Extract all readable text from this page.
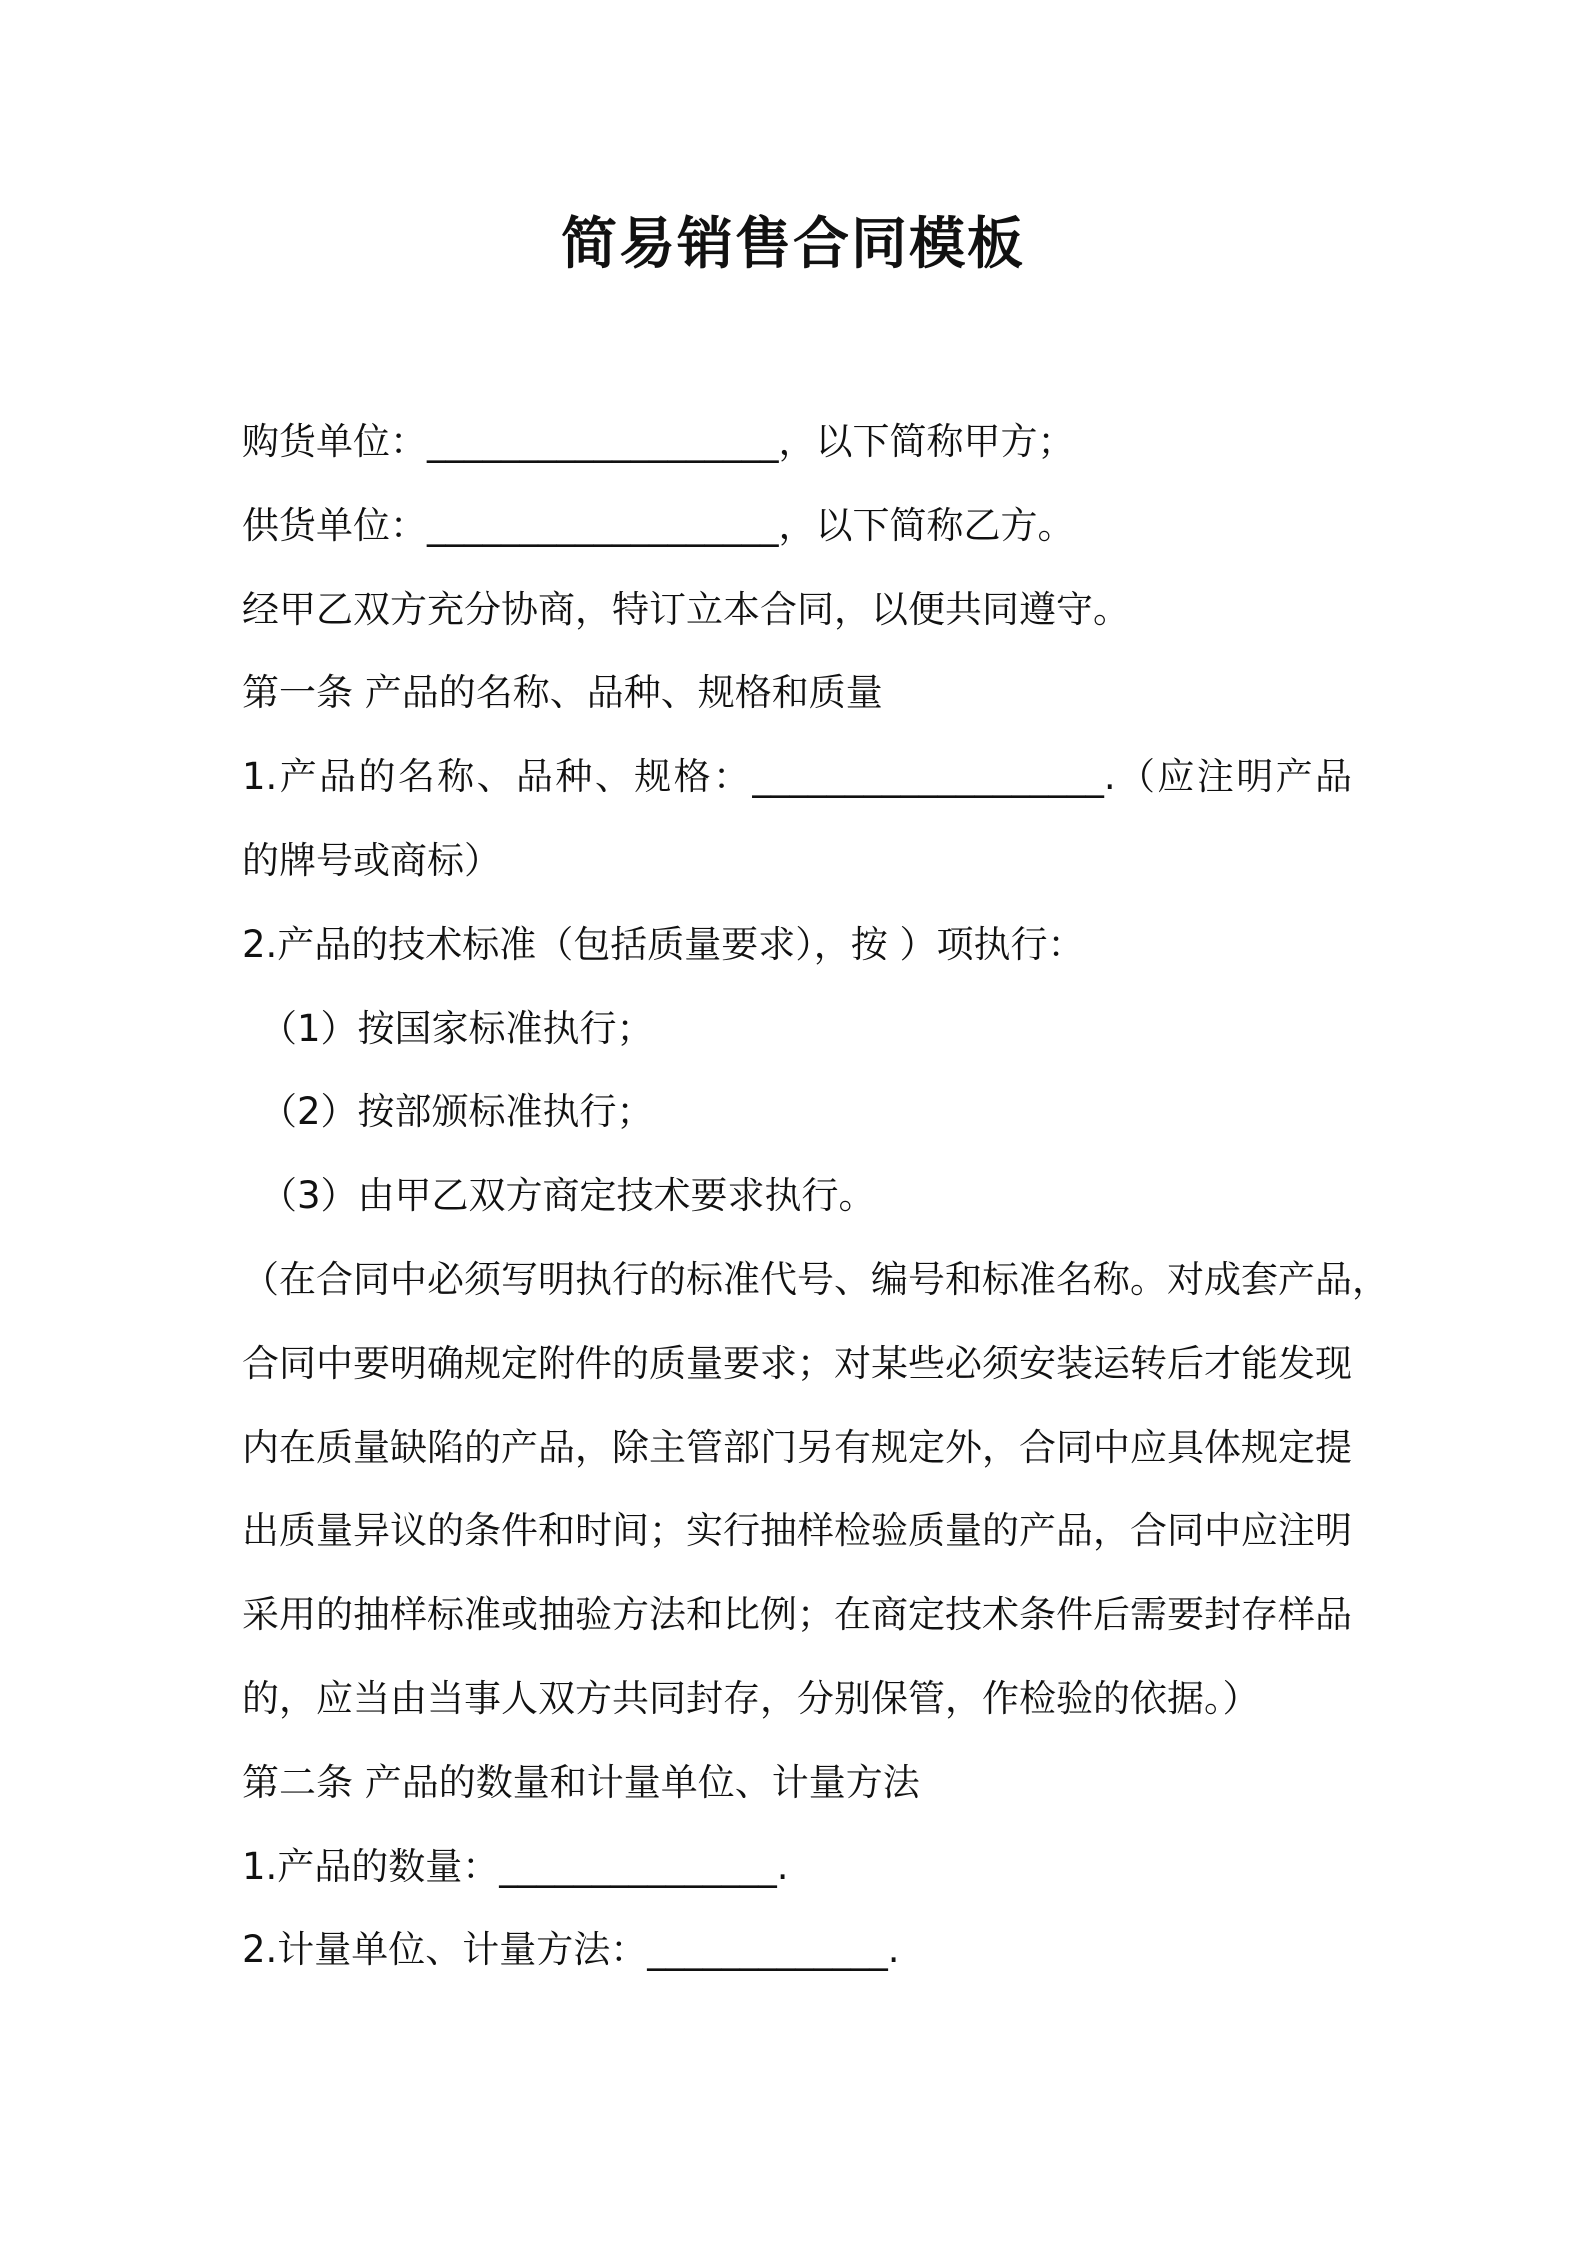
简易销售合同模板

购货单位：___________________，以下简称甲方；

供货单位：___________________，以下简称乙方。

经甲乙双方充分协商，特订立本合同，以便共同遵守。

第一条 产品的名称、品种、规格和质量

1.产品的名称、品种、规格：___________________.（应注明产品

的牌号或商标）

2.产品的技术标准（包括质量要求），按 ）项执行：

（1）按国家标准执行；

（2）按部颁标准执行；

（3）由甲乙双方商定技术要求执行。

（在合同中必须写明执行的标准代号、编号和标准名称。对成套产品，

合同中要明确规定附件的质量要求；对某些必须安装运转后才能发现

内在质量缺陷的产品，除主管部门另有规定外，合同中应具体规定提

出质量异议的条件和时间；实行抽样检验质量的产品，合同中应注明

采用的抽样标准或抽验方法和比例；在商定技术条件后需要封存样品

的，应当由当事人双方共同封存，分别保管，作检验的依据。）

第二条 产品的数量和计量单位、计量方法

1.产品的数量：_______________.

2.计量单位、计量方法：_____________.
